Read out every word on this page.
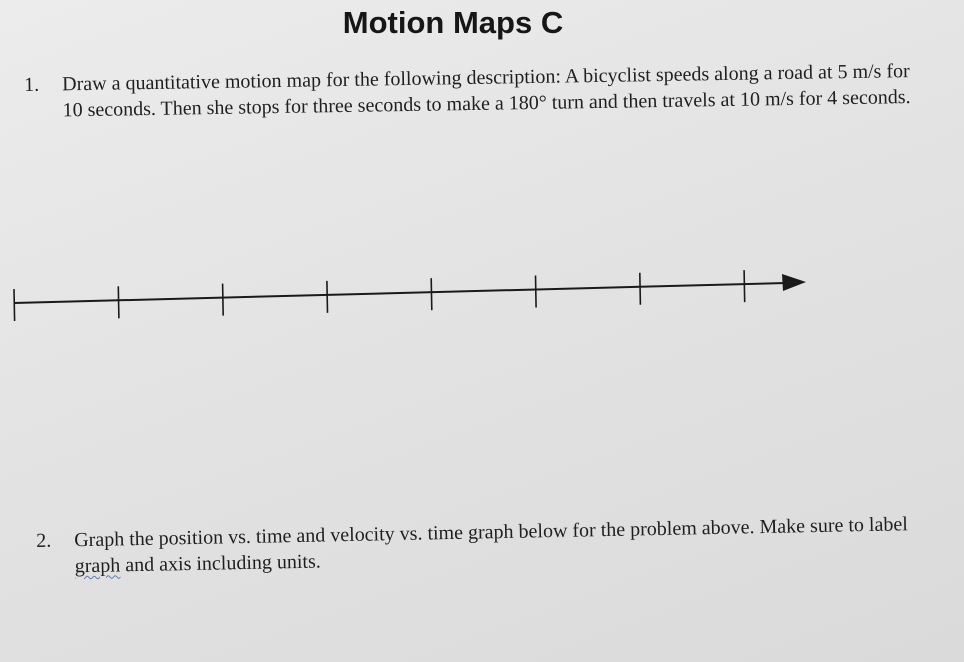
Motion Maps C
1.	Draw a quantitative motion map for the following description: A bicyclist speeds along a road at 5 m/s for 10 seconds. Then she stops for three seconds to make a 180° turn and then travels at 10 m/s for 4 seconds.
2.	Graph the position vs. time and velocity vs. time graph below for the problem above. Make sure to label graph and axis including units.
